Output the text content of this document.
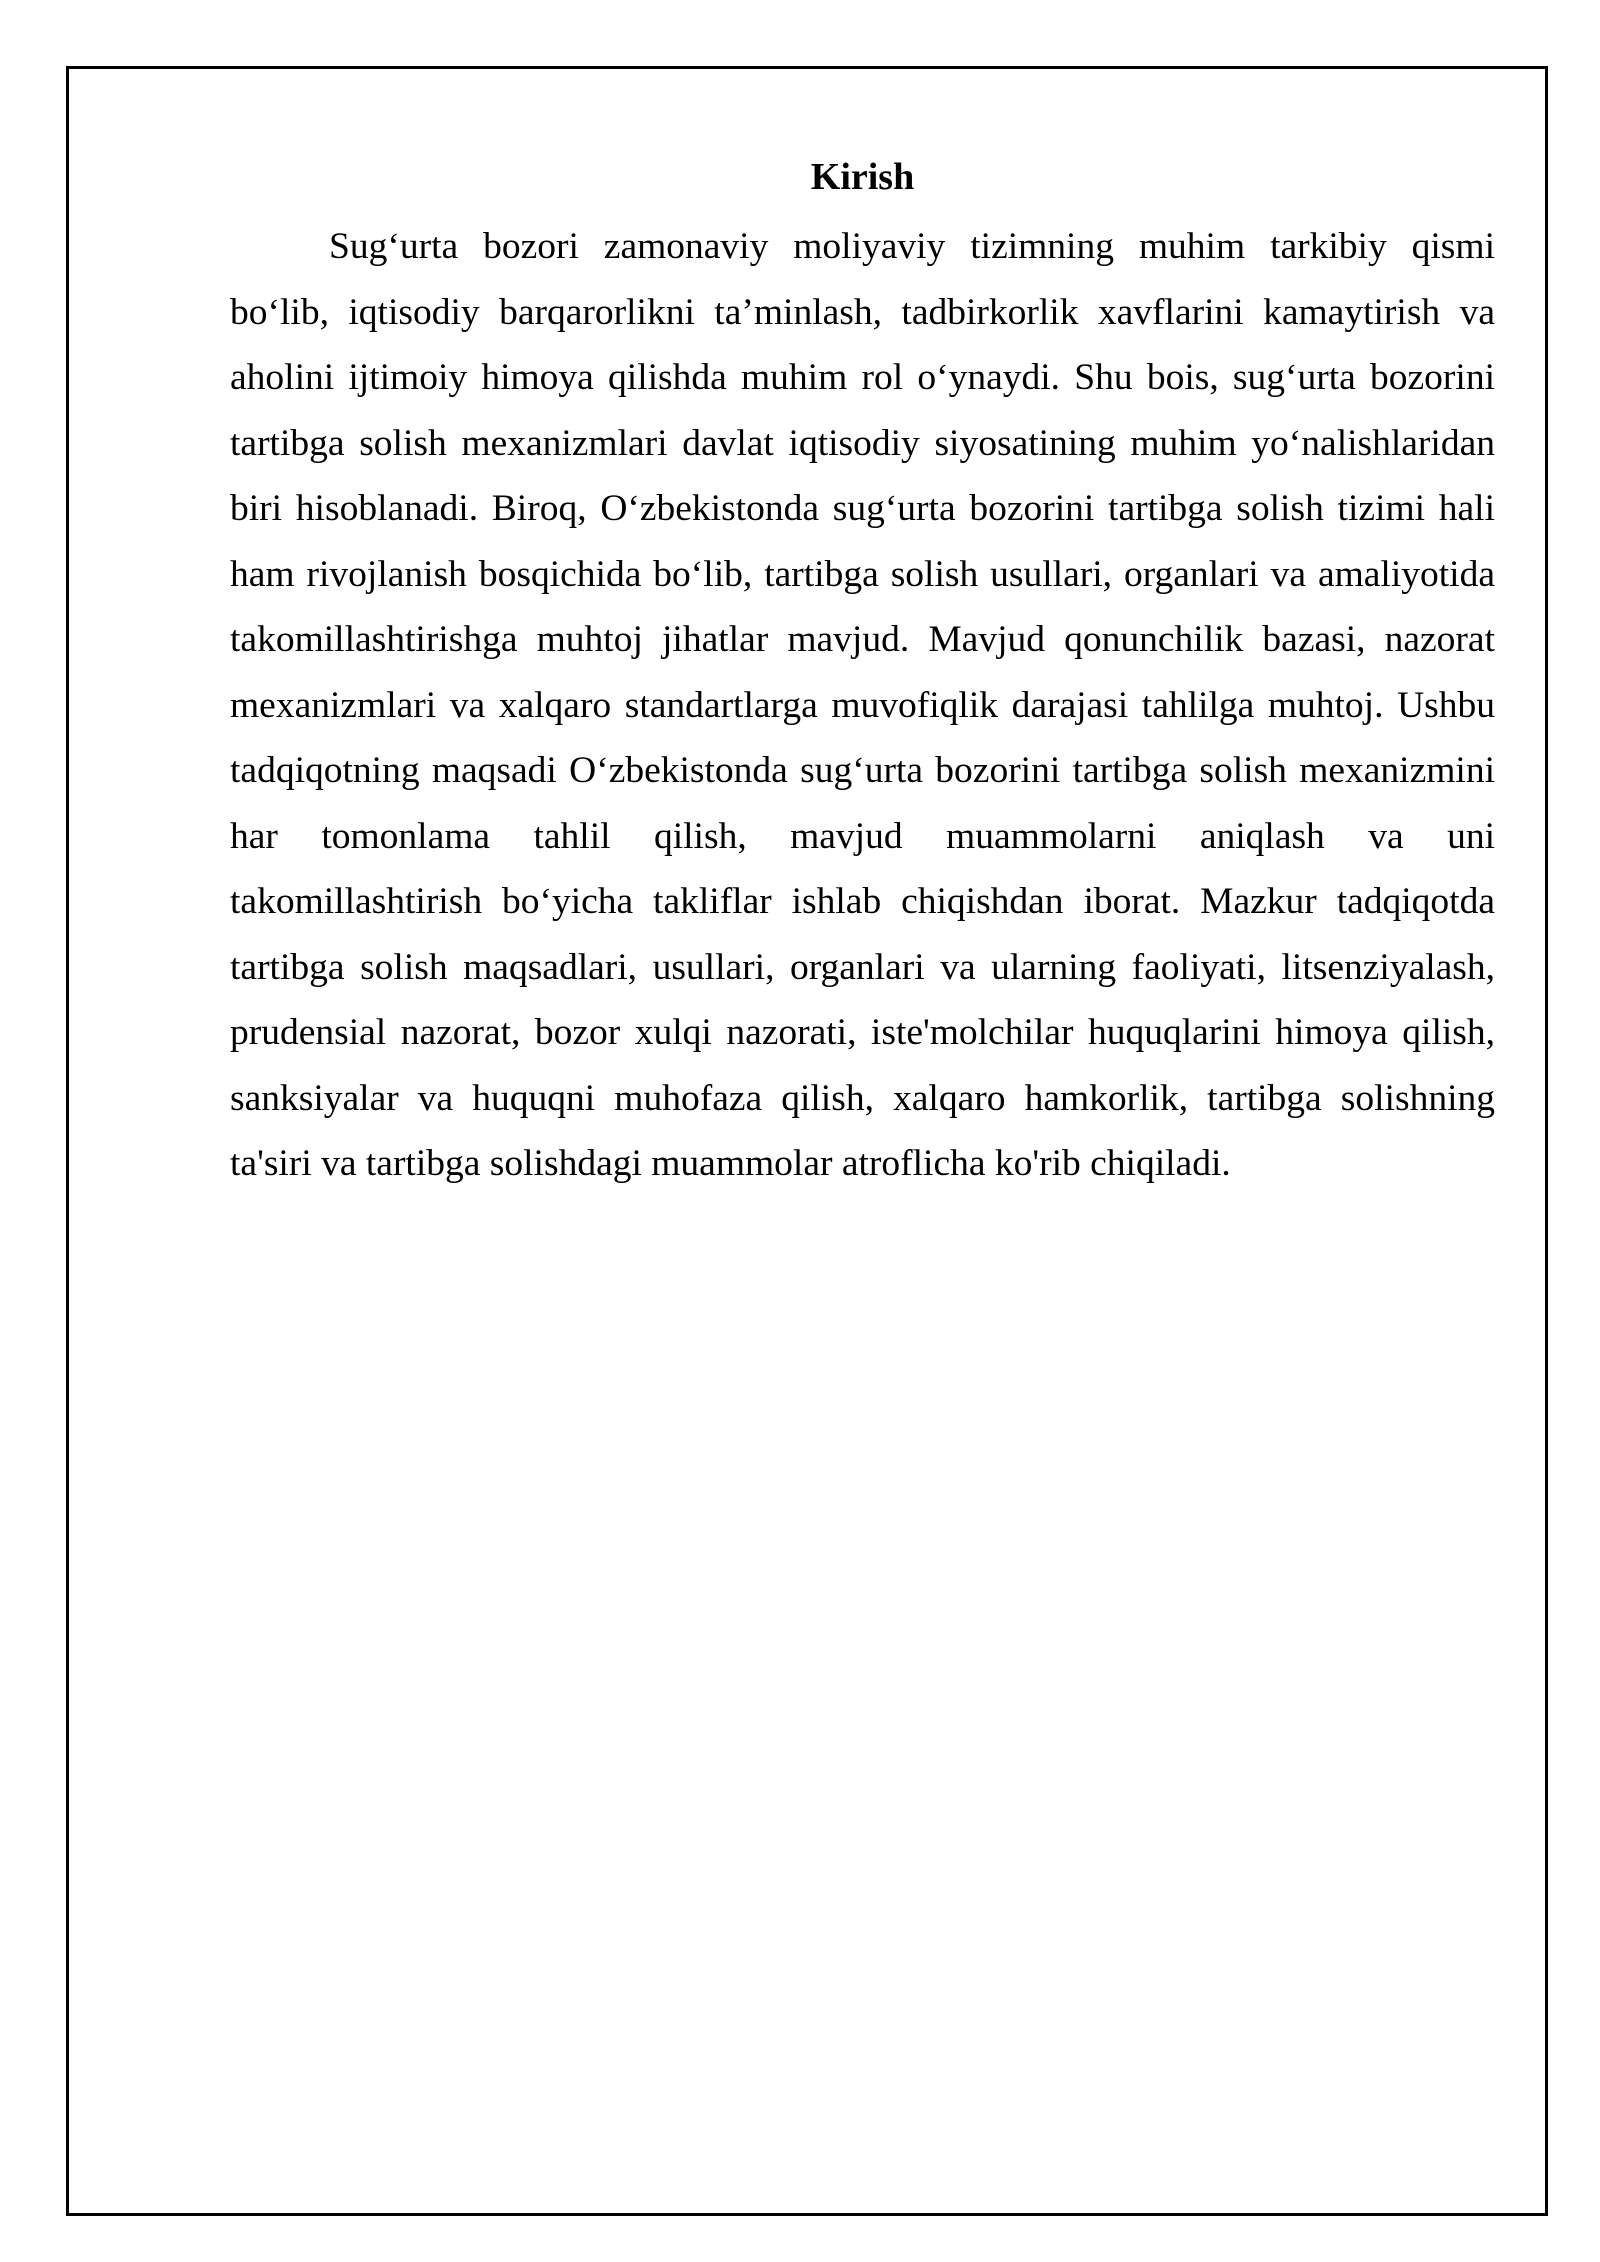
Kirish
Sug‘urta bozori zamonaviy moliyaviy tizimning muhim tarkibiy qismi
bo‘lib, iqtisodiy barqarorlikni ta’minlash, tadbirkorlik xavflarini kamaytirish va
aholini ijtimoiy himoya qilishda muhim rol o‘ynaydi. Shu bois, sug‘urta bozorini
tartibga solish mexanizmlari davlat iqtisodiy siyosatining muhim yo‘nalishlaridan
biri hisoblanadi. Biroq, O‘zbekistonda sug‘urta bozorini tartibga solish tizimi hali
ham rivojlanish bosqichida bo‘lib, tartibga solish usullari, organlari va amaliyotida
takomillashtirishga muhtoj jihatlar mavjud. Mavjud qonunchilik bazasi, nazorat
mexanizmlari va xalqaro standartlarga muvofiqlik darajasi tahlilga muhtoj. Ushbu
tadqiqotning maqsadi O‘zbekistonda sug‘urta bozorini tartibga solish mexanizmini
har tomonlama tahlil qilish, mavjud muammolarni aniqlash va uni
takomillashtirish bo‘yicha takliflar ishlab chiqishdan iborat. Mazkur tadqiqotda
tartibga solish maqsadlari, usullari, organlari va ularning faoliyati, litsenziyalash,
prudensial nazorat, bozor xulqi nazorati, iste'molchilar huquqlarini himoya qilish,
sanksiyalar va huquqni muhofaza qilish, xalqaro hamkorlik, tartibga solishning
ta'siri va tartibga solishdagi muammolar atroflicha ko'rib chiqiladi.
